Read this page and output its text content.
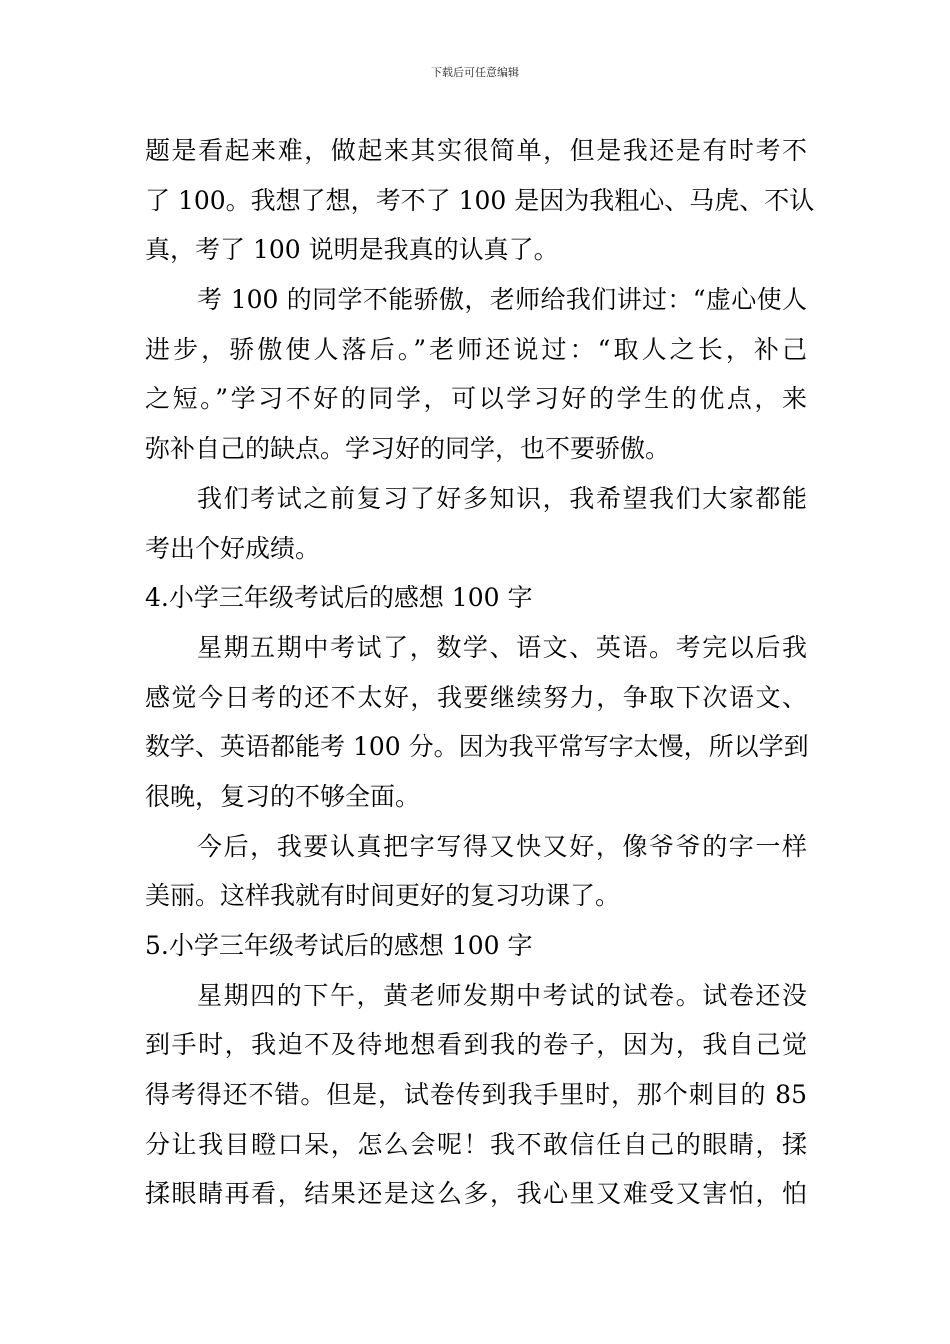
下载后可任意编辑
题是看起来难，做起来其实很简单，但是我还是有时考不
了 100。我想了想，考不了 100 是因为我粗心、马虎、不认
真，考了 100 说明是我真的认真了。
考 100 的同学不能骄傲，老师给我们讲过：“虚心使人
进步，骄傲使人落后。”老师还说过：“取人之长，补己
之短。”学习不好的同学，可以学习好的学生的优点，来
弥补自己的缺点。学习好的同学，也不要骄傲。
我们考试之前复习了好多知识，我希望我们大家都能
考出个好成绩。
4.小学三年级考试后的感想 100 字
星期五期中考试了，数学、语文、英语。考完以后我
感觉今日考的还不太好，我要继续努力，争取下次语文、
数学、英语都能考 100 分。因为我平常写字太慢，所以学到
很晚，复习的不够全面。
今后，我要认真把字写得又快又好，像爷爷的字一样
美丽。这样我就有时间更好的复习功课了。
5.小学三年级考试后的感想 100 字
星期四的下午，黄老师发期中考试的试卷。试卷还没
到手时，我迫不及待地想看到我的卷子，因为，我自己觉
得考得还不错。但是，试卷传到我手里时，那个刺目的 85
分让我目瞪口呆，怎么会呢！我不敢信任自己的眼睛，揉
揉眼睛再看，结果还是这么多，我心里又难受又害怕，怕
